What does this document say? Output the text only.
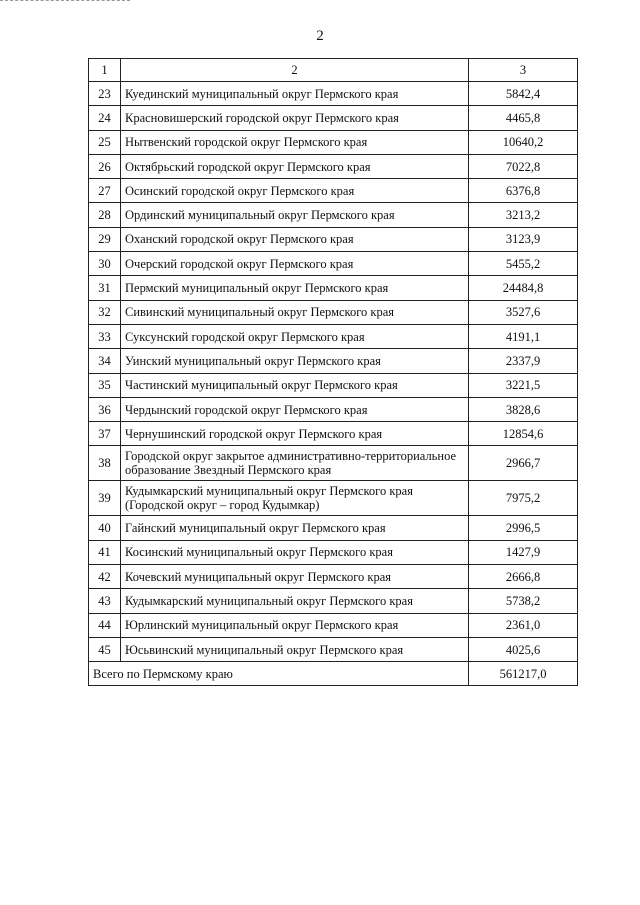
2
1	2	3
23	Куединский муниципальный округ Пермского края	5842,4
24	Красновишерский городской округ Пермского края	4465,8
25	Нытвенский городской округ Пермского края	10640,2
26	Октябрьский городской округ Пермского края	7022,8
27	Осинский городской округ Пермского края	6376,8
28	Ординский муниципальный округ Пермского края	3213,2
29	Оханский городской округ Пермского края	3123,9
30	Очерский городской округ Пермского края	5455,2
31	Пермский муниципальный округ Пермского края	24484,8
32	Сивинский муниципальный округ Пермского края	3527,6
33	Суксунский городской округ Пермского края	4191,1
34	Уинский муниципальный округ Пермского края	2337,9
35	Частинский муниципальный округ Пермского края	3221,5
36	Чердынский городской округ Пермского края	3828,6
37	Чернушинский городской округ Пермского края	12854,6
38	Городской округ закрытое административно-территориальное образование Звездный Пермского края	2966,7
39	Кудымкарский муниципальный округ Пермского края (Городской округ – город Кудымкар)	7975,2
40	Гайнский муниципальный округ Пермского края	2996,5
41	Косинский муниципальный округ Пермского края	1427,9
42	Кочевский муниципальный округ Пермского края	2666,8
43	Кудымкарский муниципальный округ Пермского края	5738,2
44	Юрлинский муниципальный округ Пермского края	2361,0
45	Юсьвинский муниципальный округ Пермского края	4025,6
Всего по Пермскому краю		561217,0
